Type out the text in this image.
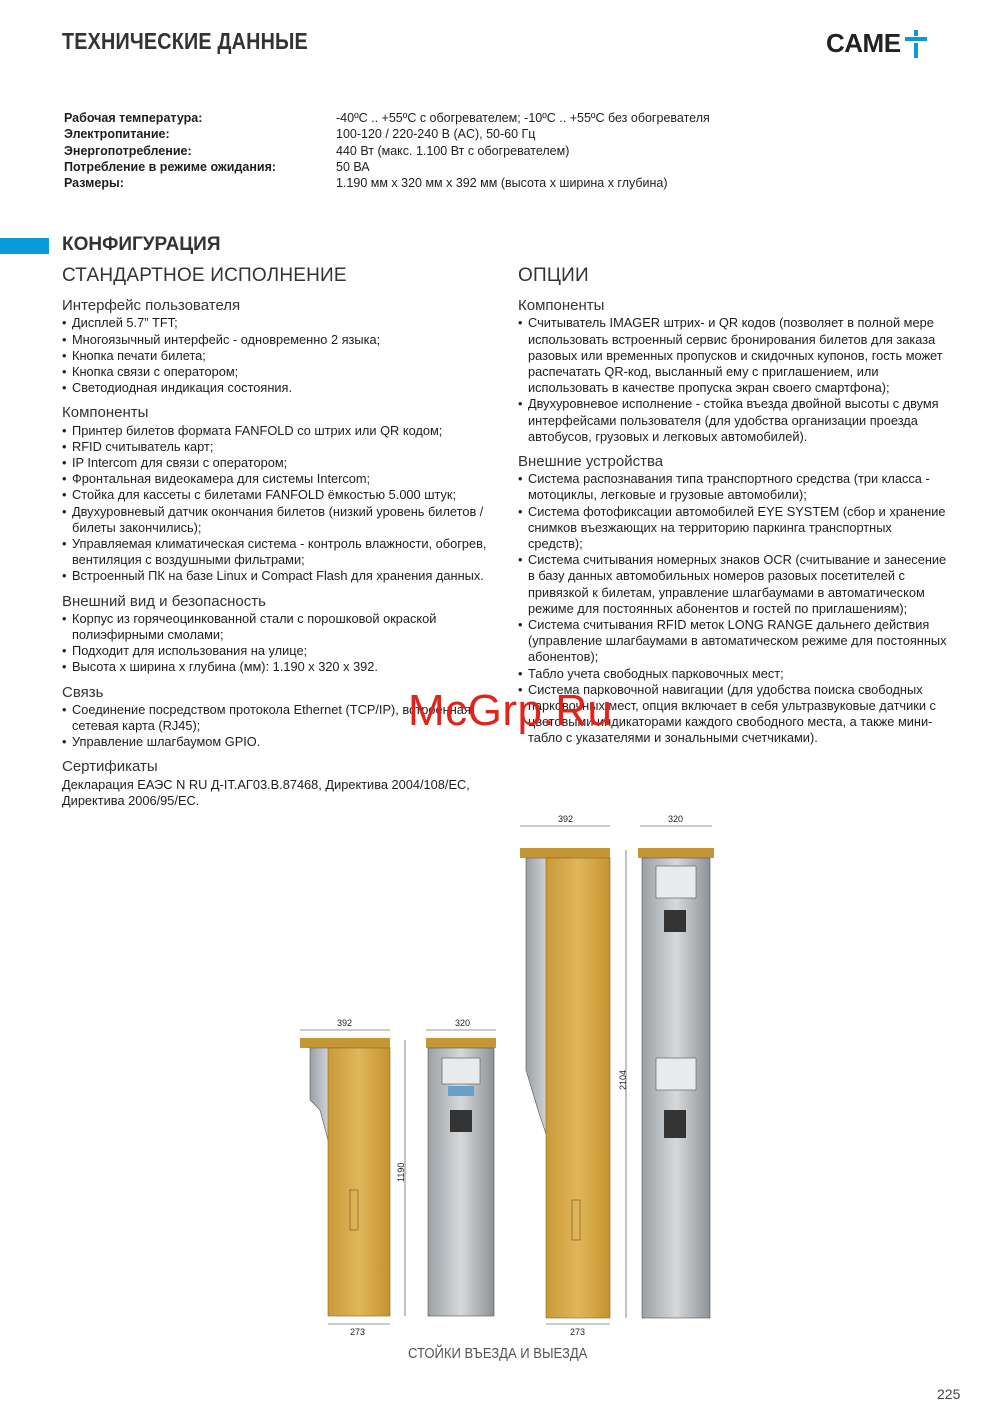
ТЕХНИЧЕСКИЕ ДАННЫЕ	CAME
Рабочая температура:	-40ºC .. +55ºC с обогревателем; -10ºC .. +55ºC без обогревателя
Электропитание:	100-120 / 220-240 В (AC), 50-60 Гц
Энергопотребление:	440 Вт (макс. 1.100 Вт с обогревателем)
Потребление в режиме ожидания:	50 ВА
Размеры:	1.190 мм x 320 мм x 392 мм (высота x ширина x глубина)
КОНФИГУРАЦИЯ
СТАНДАРТНОЕ ИСПОЛНЕНИЕ
Интерфейс пользователя
• Дисплей 5.7” TFT;
• Многоязычный интерфейс - одновременно 2 языка;
• Кнопка печати билета;
• Кнопка связи с оператором;
• Светодиодная индикация состояния.
Компоненты
• Принтер билетов формата FANFOLD со штрих или QR кодом;
• RFID считыватель карт;
• IP Intercom для связи с оператором;
• Фронтальная видеокамера для системы Intercom;
• Стойка для кассеты с билетами FANFOLD ёмкостью 5.000 штук;
• Двухуровневый датчик окончания билетов (низкий уровень билетов / билеты закончились);
• Управляемая климатическая система - контроль влажности, обогрев, вентиляция с воздушными фильтрами;
• Встроенный ПК на базе Linux и Compact Flash для хранения данных.
Внешний вид и безопасность
• Корпус из горячеоцинкованной стали с порошковой окраской полиэфирными смолами;
• Подходит для использования на улице;
• Высота x ширина x глубина (мм): 1.190 x 320 x 392.
Связь
• Соединение посредством протокола Ethernet (TCP/IP), встроенная сетевая карта (RJ45);
• Управление шлагбаумом GPIO.
Сертификаты

Декларация ЕАЭС N RU Д-IT.АГ03.В.87468, Директива 2004/108/EC, Директива 2006/95/EC.

ОПЦИИ
Компоненты
• Считыватель IMAGER штрих- и QR кодов (позволяет в полной мере использовать встроенный сервис бронирования билетов для заказа разовых или временных пропусков и скидочных купонов, гость может распечатать QR-код, высланный ему с приглашением, или использовать в качестве пропуска экран своего смартфона);
• Двухуровневое исполнение - стойка въезда двойной высоты с двумя интерфейсами пользователя (для удобства организации проезда автобусов, грузовых и легковых автомобилей).
Внешние устройства
• Система распознавания типа транспортного средства (три класса - мотоциклы, легковые и грузовые автомобили);
• Система фотофиксации автомобилей EYE SYSTEM (сбор и хранение снимков въезжающих на территорию паркинга транспортных средств);
• Система считывания номерных знаков OCR (считывание и занесение в базу данных автомобильных номеров разовых посетителей с привязкой к билетам, управление шлагбаумами в автоматическом режиме для постоянных абонентов и гостей по приглашениям);
• Система считывания RFID меток LONG RANGE дальнего действия (управление шлагбаумами в автоматическом режиме для постоянных абонентов);
• Табло учета свободных парковочных мест;
• Система парковочной навигации (для удобства поиска свободных парковочных мест, опция включает в себя ультразвуковые датчики с цветовыми индикаторами каждого свободного места, а также мини-табло с указателями и зональными счетчиками).
392
273
1190
320
392
273
2104
320
McGrp.Ru
СТОЙКИ ВЪЕЗДА И ВЫЕЗДА
225
